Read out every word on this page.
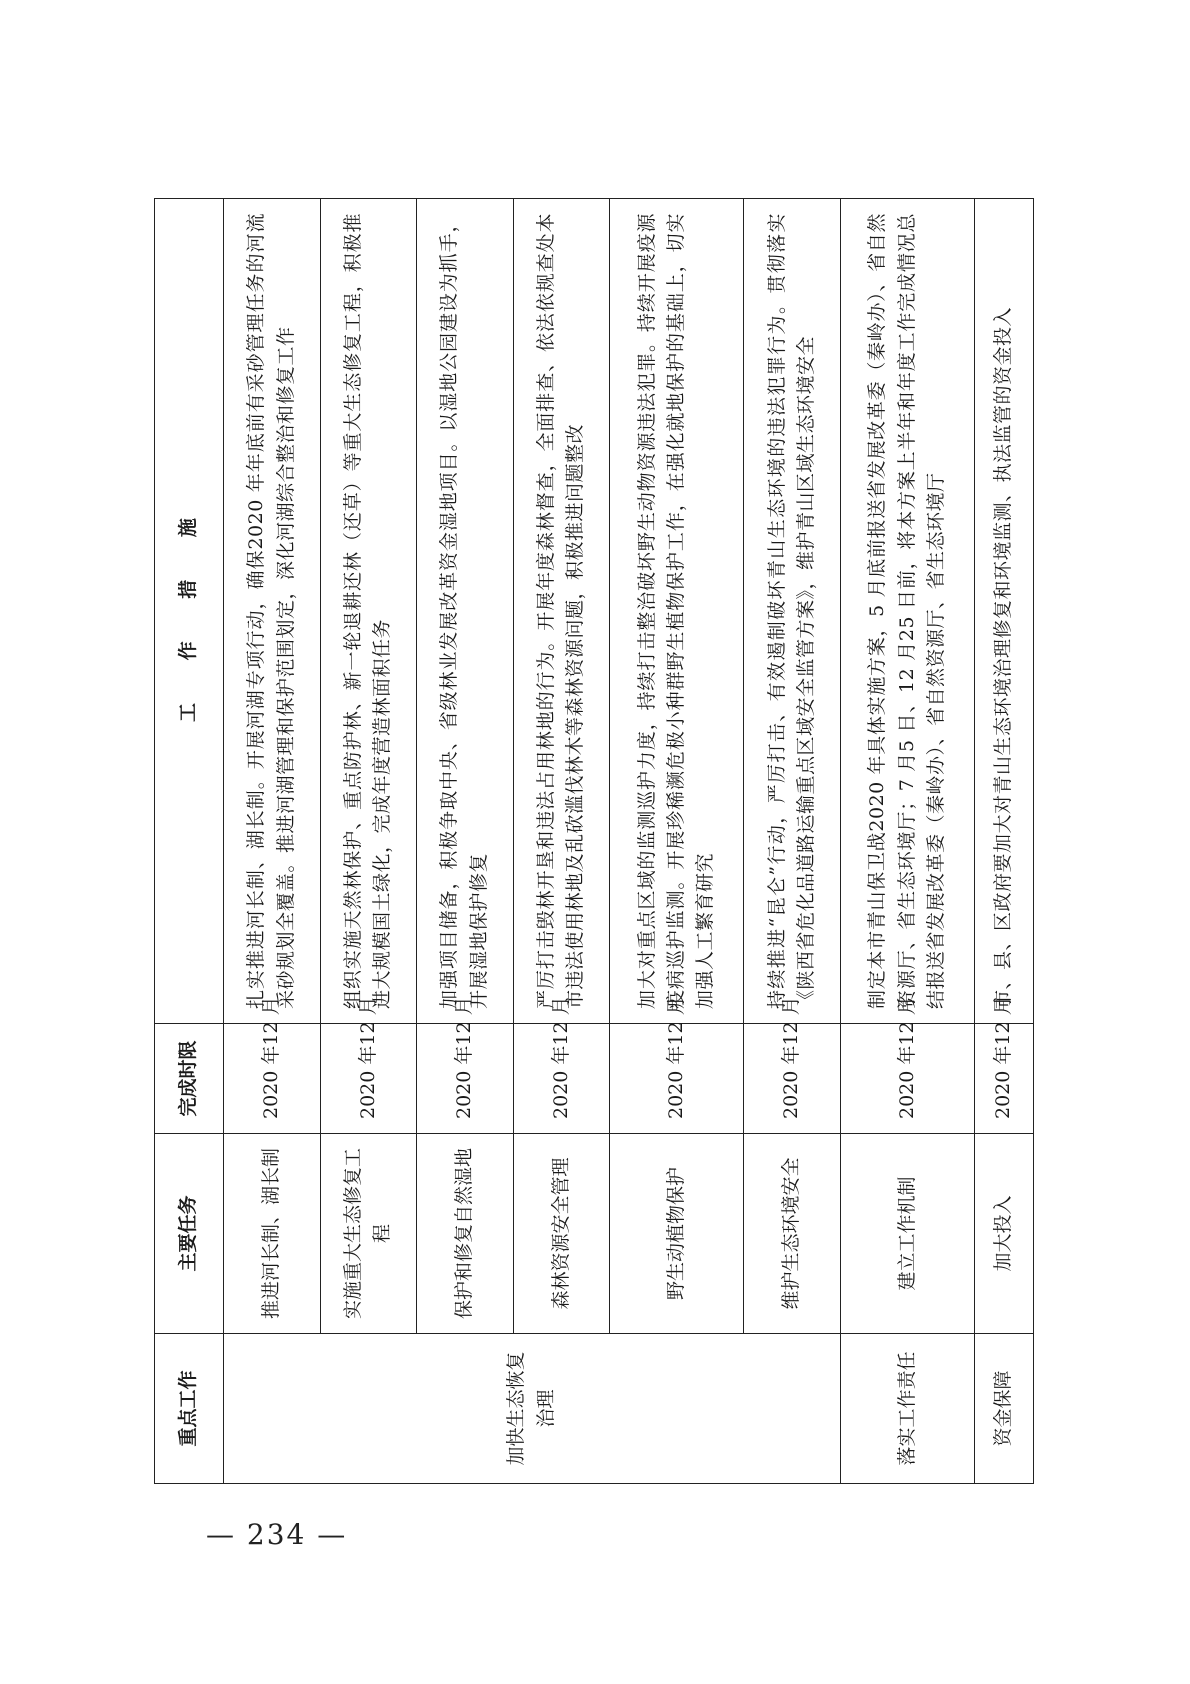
重点工作	主要任务	完成时限	工 作 措 施
加快生态恢复治理	推进河长制、湖长制	2020 年12 月	扎实推进河长制、湖长制。开展河湖专项行动，确保2020 年年底前有采砂管理任务的河流采砂规划全覆盖。推进河湖管理和保护范围划定，深化河湖综合整治和修复工作
	实施重大生态修复工程	2020 年12 月	组织实施天然林保护、重点防护林、新一轮退耕还林（还草）等重大生态修复工程，积极推进大规模国土绿化，完成年度营造林面积任务
	保护和修复自然湿地	2020 年12 月	加强项目储备，积极争取中央、省级林业发展改革资金湿地项目。以湿地公园建设为抓手，开展湿地保护修复
	森林资源安全管理	2020 年12 月	严厉打击毁林开垦和违法占用林地的行为。开展年度森林督查，全面排查、依法依规查处本市违法使用林地及乱砍滥伐林木等森林资源问题，积极推进问题整改
	野生动植物保护	2020 年12 月	加大对重点区域的监测巡护力度，持续打击整治破坏野生动物资源违法犯罪。持续开展疫源疫病巡护监测。开展珍稀濒危极小种群野生植物保护工作，在强化就地保护的基础上，切实加强人工繁育研究
	维护生态环境安全	2020 年12 月	持续推进“昆仑”行动，严厉打击、有效遏制破坏青山生态环境的违法犯罪行为。贯彻落实《陕西省危化品道路运输重点区域安全监管方案》，维护青山区域生态环境安全
落实工作责任	建立工作机制	2020 年12 月	制定本市青山保卫战2020 年具体实施方案，5 月底前报送省发展改革委（秦岭办）、省自然资源厅、省生态环境厅；7 月5 日、12 月25 日前，将本方案上半年和年度工作完成情况总结报送省发展改革委（秦岭办）、省自然资源厅、省生态环境厅
资金保障	加大投入	2020 年12 月	市、县、区政府要加大对青山生态环境治理修复和环境监测、执法监管的资金投入
— 234 —
